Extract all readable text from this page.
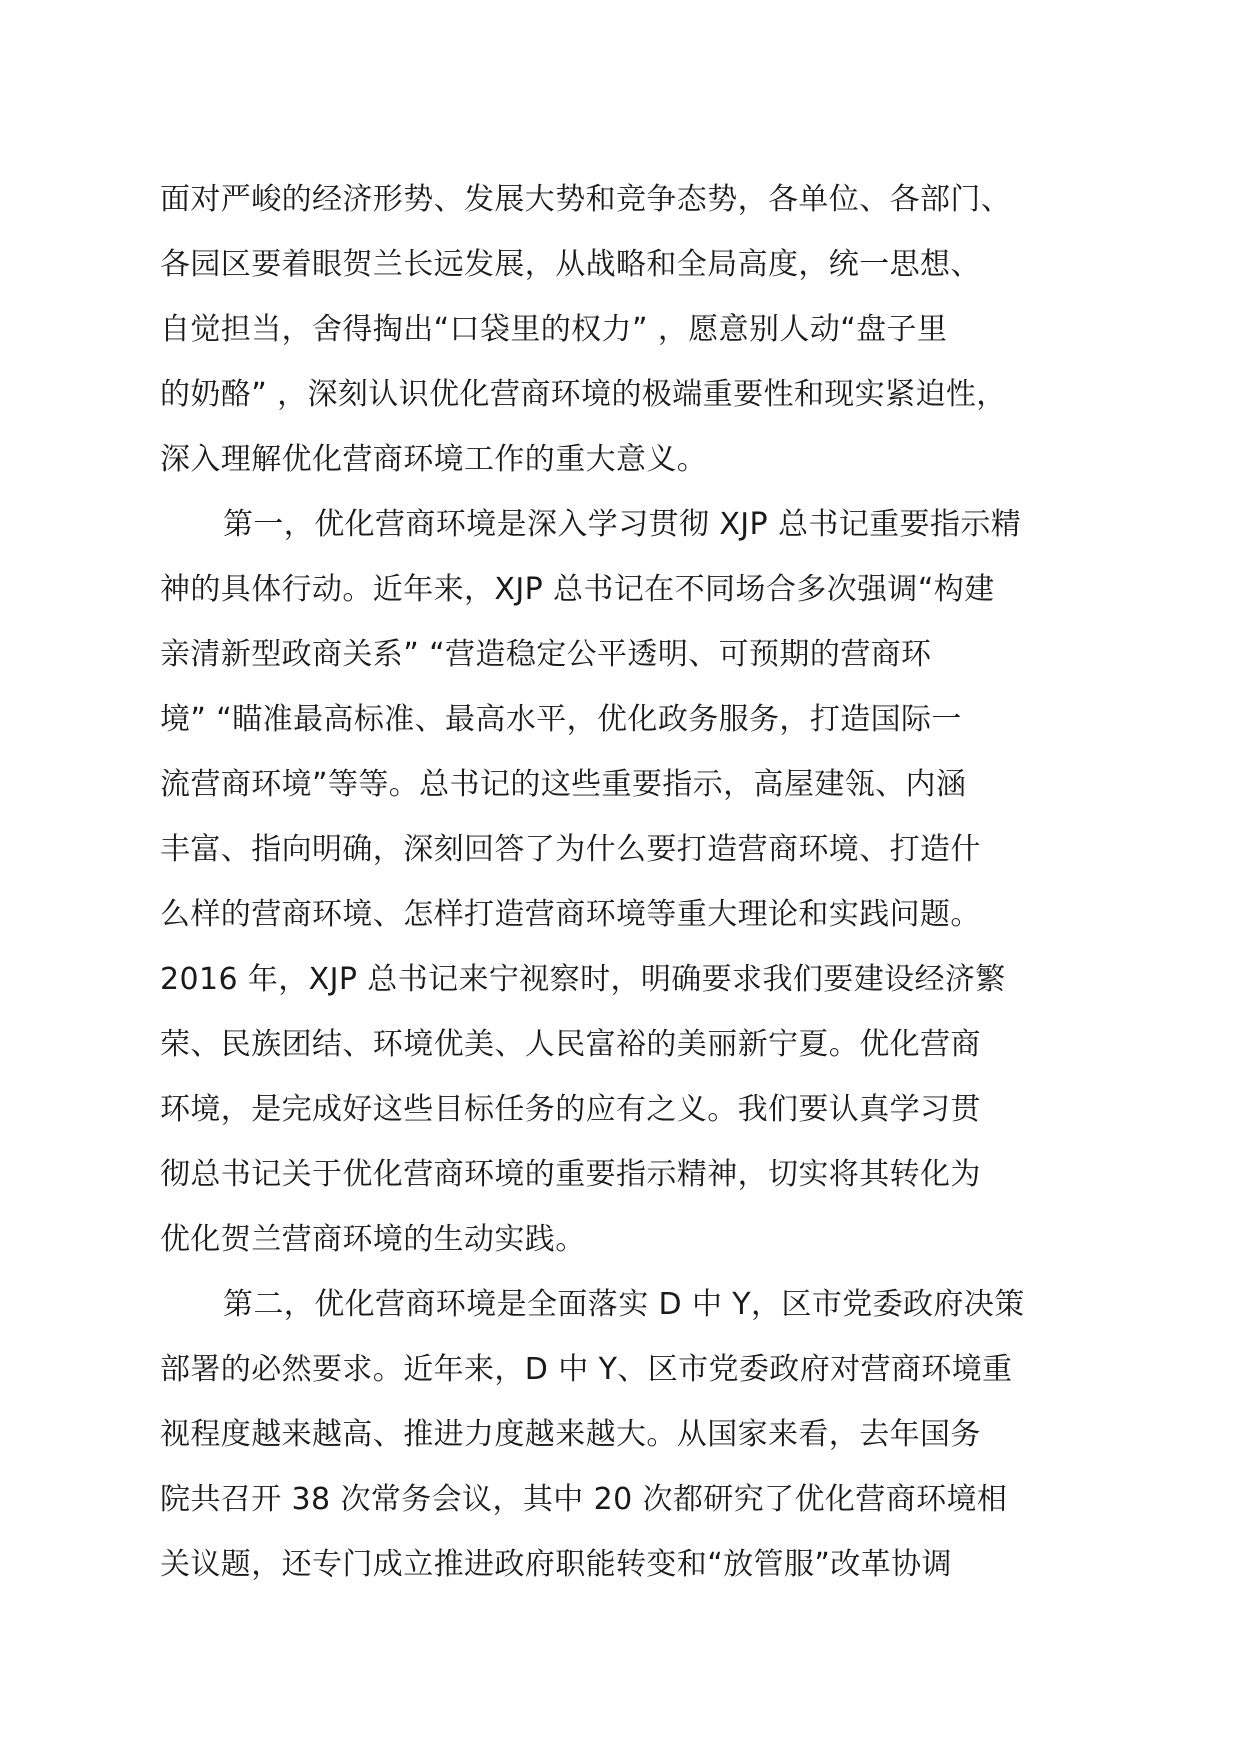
面对严峻的经济形势、发展大势和竞争态势，各单位、各部门、
各园区要着眼贺兰长远发展，从战略和全局高度，统一思想、
自觉担当，舍得掏出“口袋里的权力” ，愿意别人动“盘子里
的奶酪” ，深刻认识优化营商环境的极端重要性和现实紧迫性，
深入理解优化营商环境工作的重大意义。
第一，优化营商环境是深入学习贯彻 XJP 总书记重要指示精
神的具体行动。近年来，XJP 总书记在不同场合多次强调“构建
亲清新型政商关系” “营造稳定公平透明、可预期的营商环
境” “瞄准最高标准、最高水平，优化政务服务，打造国际一
流营商环境”等等。总书记的这些重要指示，高屋建瓴、内涵
丰富、指向明确，深刻回答了为什么要打造营商环境、打造什
么样的营商环境、怎样打造营商环境等重大理论和实践问题。
2016 年，XJP 总书记来宁视察时，明确要求我们要建设经济繁
荣、民族团结、环境优美、人民富裕的美丽新宁夏。优化营商
环境，是完成好这些目标任务的应有之义。我们要认真学习贯
彻总书记关于优化营商环境的重要指示精神，切实将其转化为
优化贺兰营商环境的生动实践。
第二，优化营商环境是全面落实 D 中 Y，区市党委政府决策
部署的必然要求。近年来，D 中 Y、区市党委政府对营商环境重
视程度越来越高、推进力度越来越大。从国家来看，去年国务
院共召开 38 次常务会议，其中 20 次都研究了优化营商环境相
关议题，还专门成立推进政府职能转变和“放管服”改革协调
